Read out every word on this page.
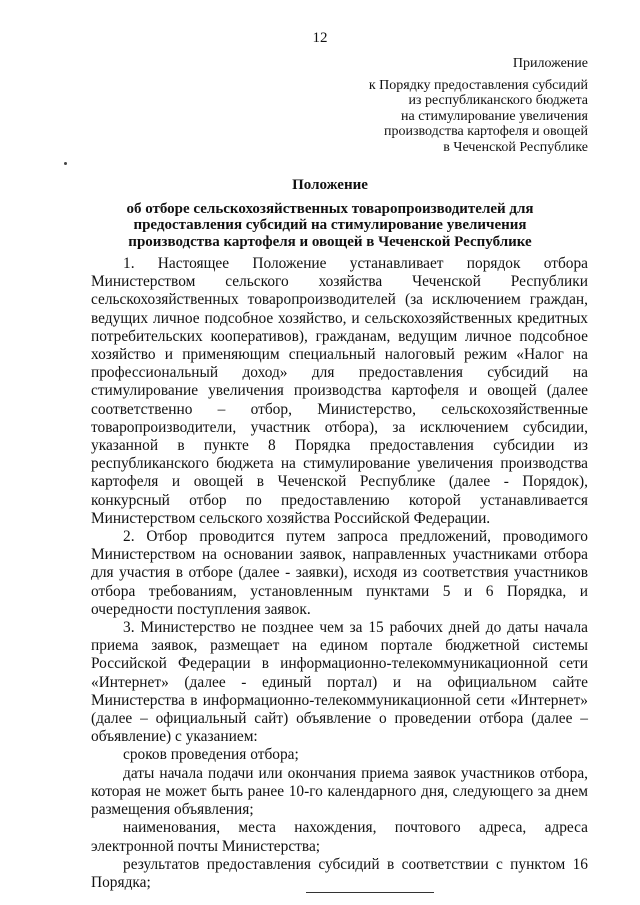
12
Приложение
к Порядку предоставления субсидий
из республиканского бюджета
на стимулирование увеличения
производства картофеля и овощей
в Чеченской Республике
Положение
об отборе сельскохозяйственных товаропроизводителей для
предоставления субсидий на стимулирование увеличения
производства картофеля и овощей в Чеченской Республике

1. Настоящее Положение устанавливает порядок отбора Министерством сельского хозяйства Чеченской Республики сельскохозяйственных товаропроизводителей (за исключением граждан, ведущих личное подсобное хозяйство, и сельскохозяйственных кредитных потребительских кооперативов), гражданам, ведущим личное подсобное хозяйство и применяющим специальный налоговый режим «Налог на профессиональный доход» для предоставления субсидий на стимулирование увеличения производства картофеля и овощей (далее соответственно – отбор, Министерство, сельскохозяйственные товаропроизводители, участник отбора), за исключением субсидии, указанной в пункте 8 Порядка предоставления субсидии из республиканского бюджета на стимулирование увеличения производства картофеля и овощей в Чеченской Республике (далее - Порядок), конкурсный отбор по предоставлению которой устанавливается Министерством сельского хозяйства Российской Федерации.

2. Отбор проводится путем запроса предложений, проводимого Министерством на основании заявок, направленных участниками отбора для участия в отборе (далее - заявки), исходя из соответствия участников отбора требованиям, установленным пунктами 5 и 6 Порядка, и очередности поступления заявок.

3. Министерство не позднее чем за 15 рабочих дней до даты начала приема заявок, размещает на едином портале бюджетной системы Российской Федерации в информационно-телекоммуникационной сети «Интернет» (далее - единый портал) и на официальном сайте Министерства в информационно-телекоммуникационной сети «Интернет» (далее – официальный сайт) объявление о проведении отбора (далее – объявление) с указанием:

сроков проведения отбора;

даты начала подачи или окончания приема заявок участников отбора, которая не может быть ранее 10-го календарного дня, следующего за днем размещения объявления;

наименования, места нахождения, почтового адреса, адреса электронной почты Министерства;

результатов предоставления субсидий в соответствии с пунктом 16 Порядка;
